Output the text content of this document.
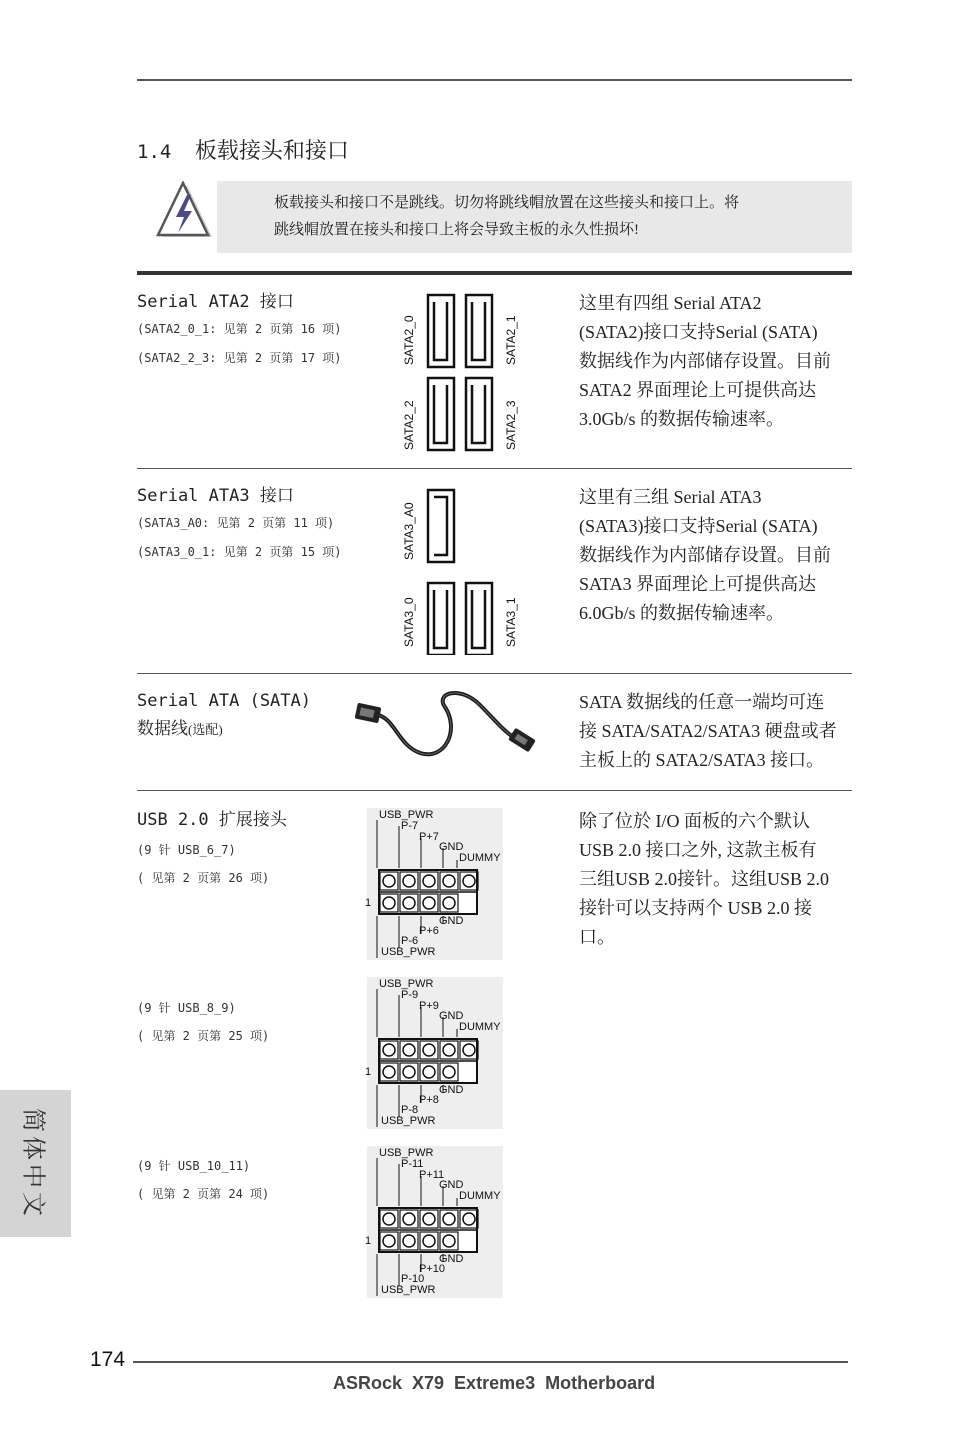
1.4 板载接头和接口
板载接头和接口不是跳线。切勿将跳线帽放置在这些接头和接口上。将
跳线帽放置在接头和接口上将会导致主板的永久性损坏!
Serial ATA2 接口
(SATA2_0_1: 见第 2 页第 16 项)
(SATA2_2_3: 见第 2 页第 17 项)	SATA2_0	SATA2_1
SATA2_2	SATA2_3
这里有四组 Serial ATA2
(SATA2)接口支持Serial (SATA)
数据线作为内部储存设置。目前
SATA2 界面理论上可提供高达
3.0Gb/s 的数据传输速率。
Serial ATA3 接口
(SATA3_A0: 见第 2 页第 11 项)
(SATA3_0_1: 见第 2 页第 15 项)	SATA3_A0
SATA3_0	SATA3_1
这里有三组 Serial ATA3
(SATA3)接口支持Serial (SATA)
数据线作为内部储存设置。目前
SATA3 界面理论上可提供高达
6.0Gb/s 的数据传输速率。
Serial ATA (SATA)
数据线(选配)
SATA 数据线的任意一端均可连
接 SATA/SATA2/SATA3 硬盘或者
主板上的 SATA2/SATA3 接口。
USB 2.0 扩展接头	除了位於 I/O 面板的六个默认
USB 2.0 接口之外, 这款主板有
三组USB 2.0接针。这组USB 2.0
接针可以支持两个 USB 2.0 接
口。
(9 针 USB_6_7)
( 见第 2 页第 26 项)
USB_PWR
P-7
P+7
GND
DUMMY
1
GND
P+6
P-6
USB_PWR
(9 针 USB_8_9)
( 见第 2 页第 25 项)
USB_PWR
P-9
P+9
GND
DUMMY
1
GND
P+8
P-8
USB_PWR
(9 针 USB_10_11)
( 见第 2 页第 24 项)
USB_PWR
P-11
P+11
GND
DUMMY
1
GND
P+10
P-10
USB_PWR
简体中文
174
ASRock  X79  Extreme3  Motherboard
